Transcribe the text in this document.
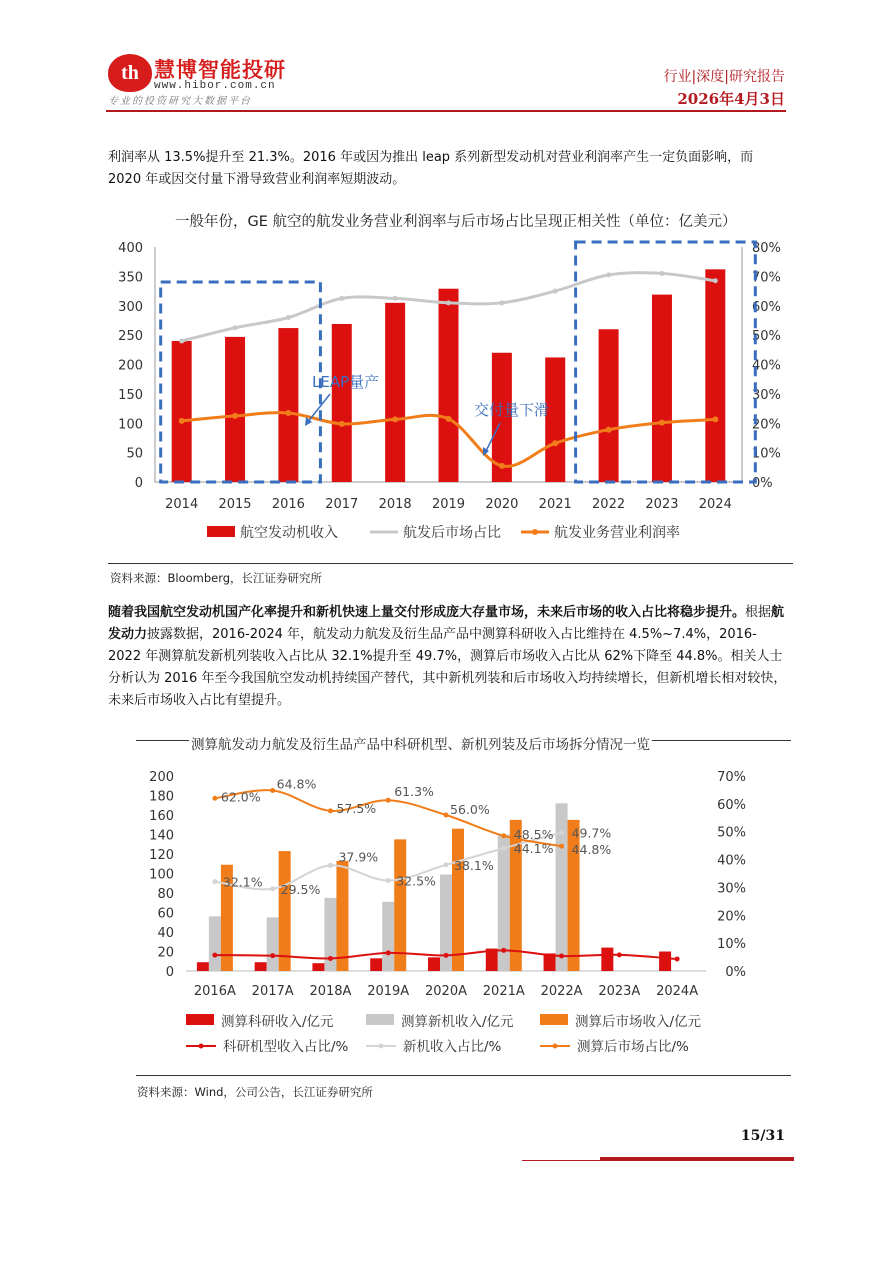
th 慧博智能投研
www.hibor.com.cn
专业的投资研究大数据平台
行业|深度|研究报告
2026年4月3日
利润率从 13.5%提升至 21.3%。2016 年或因为推出 leap 系列新型发动机对营业利润率产生一定负面影响，而 2020 年或因交付量下滑导致营业利润率短期波动。
一般年份，GE 航空的航发业务营业利润率与后市场占比呈现正相关性（单位：亿美元）
0
50
100
150
200
250
300
350
400
0%
10%
20%
30%
40%
50%
60%
70%
80%
2014 2015 2016 2017 2018 2019 2020 2021 2022 2023 2024
LEAP量产
交付量下滑
航空发动机收入	航发后市场占比	航发业务营业利润率
资料来源：Bloomberg，长江证券研究所
随着我国航空发动机国产化率提升和新机快速上量交付形成庞大存量市场，未来后市场的收入占比将稳步提升。根据航发动力披露数据，2016-2024 年，航发动力航发及衍生品产品中测算科研收入占比维持在 4.5%~7.4%，2016-2022 年测算航发新机列装收入占比从 32.1%提升至 49.7%，测算后市场收入占比从 62%下降至 44.8%。相关人士分析认为 2016 年至今我国航空发动机持续国产替代，其中新机列装和后市场收入均持续增长，但新机增长相对较快，未来后市场收入占比有望提升。
测算航发动力航发及衍生品产品中科研机型、新机列装及后市场拆分情况一览
0
20
40
60
80
100
120
140
160
180
200
0%
10%
20%
30%
40%
50%
60%
70%
2016A 2017A 2018A 2019A 2020A 2021A 2022A 2023A 2024A
32.1% 29.5%
37.9%
32.5%
38.1%
44.1%
49.7%
62.0%
64.8%
57.5%
61.3%
56.0%
48.5%
44.8%
测算科研收入/亿元	测算新机收入/亿元	测算后市场收入/亿元
科研机型收入占比/%	新机收入占比/%	测算后市场占比/%
资料来源：Wind，公司公告，长江证券研究所
15/31
